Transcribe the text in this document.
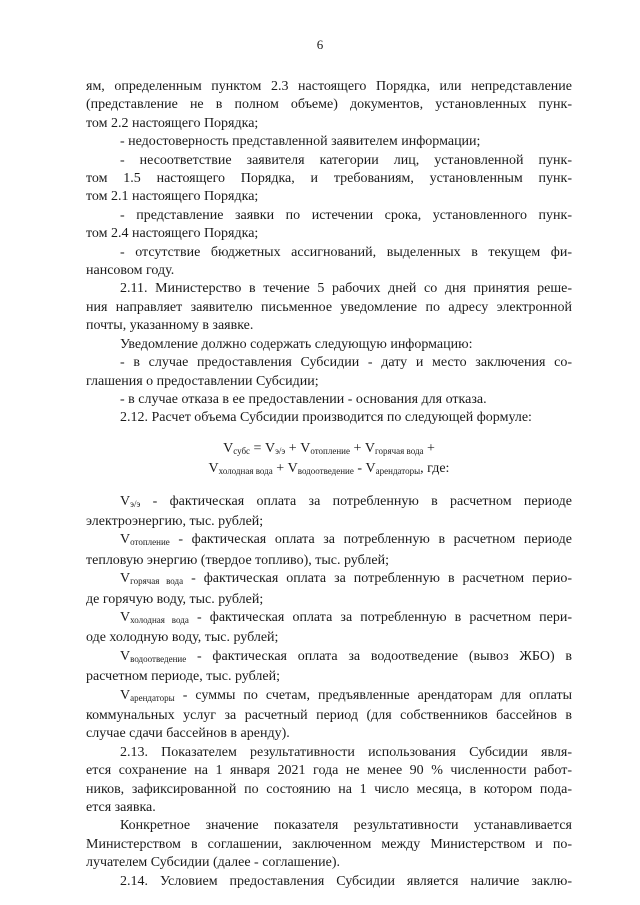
6

ям, определенным пунктом 2.3 настоящего Порядка, или непредставление

(представление не в полном объеме) документов, установленных пунк-

том 2.2 настоящего Порядка;

- недостоверность представленной заявителем информации;

- несоответствие заявителя категории лиц, установленной пунк-

том 1.5 настоящего Порядка, и требованиям, установленным пунк-

том 2.1 настоящего Порядка;

- представление заявки по истечении срока, установленного пунк-

том 2.4 настоящего Порядка;

- отсутствие бюджетных ассигнований, выделенных в текущем фи-

нансовом году.

2.11. Министерство в течение 5 рабочих дней со дня принятия реше-

ния направляет заявителю письменное уведомление по адресу электронной

почты, указанному в заявке.

Уведомление должно содержать следующую информацию:

- в случае предоставления Субсидии - дату и место заключения со-

глашения о предоставлении Субсидии;

- в случае отказа в ее предоставлении - основания для отказа.

2.12. Расчет объема Субсидии производится по следующей формуле:

$V_{субс} = V_{э/э} + V_{отопление} + V_{горячая вода}$ +

$V_{холодная вода} + V_{водоотведение} - V_{арендаторы}$, где:

$V_{э/э}$ - фактическая оплата за потребленную в расчетном периоде

электроэнергию, тыс. рублей;

$V_{отопление}$ - фактическая оплата за потребленную в расчетном периоде

тепловую энергию (твердое топливо), тыс. рублей;

$V_{горячая вода}$ - фактическая оплата за потребленную в расчетном перио-

де горячую воду, тыс. рублей;

$V_{холодная вода}$ - фактическая оплата за потребленную в расчетном пери-

оде холодную воду, тыс. рублей;

$V_{водоотведение}$ - фактическая оплата за водоотведение (вывоз ЖБО) в

расчетном периоде, тыс. рублей;

$V_{арендаторы}$ - суммы по счетам, предъявленные арендаторам для оплаты

коммунальных услуг за расчетный период (для собственников бассейнов в

случае сдачи бассейнов в аренду).

2.13. Показателем результативности использования Субсидии явля-

ется сохранение на 1 января 2021 года не менее 90 % численности работ-

ников, зафиксированной по состоянию на 1 число месяца, в котором пода-

ется заявка.

Конкретное значение показателя результативности устанавливается

Министерством в соглашении, заключенном между Министерством и по-

лучателем Субсидии (далее - соглашение).

2.14. Условием предоставления Субсидии является наличие заклю-
